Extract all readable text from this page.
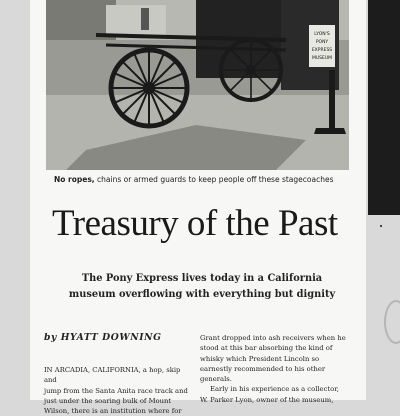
LYON'S
PONY
EXPRESS
MUSEUM
No ropes, chains or armed guards to keep people off these stagecoaches
Treasury of the Past
The Pony Express lives today in a California
museum overflowing with everything but dignity
by HYATT DOWNING

IN ARCADIA, CALIFORNIA, a hop, skip and

jump from the Santa Anita race track and

just under the soaring bulk of Mount

Wilson, there is an institution where for

Grant dropped into ash receivers when he

stood at this bar absorbing the kind of

whisky which President Lincoln so

earnestly recommended to his other

generals.

Early in his experience as a collector,

W. Parker Lyon, owner of the museum,
